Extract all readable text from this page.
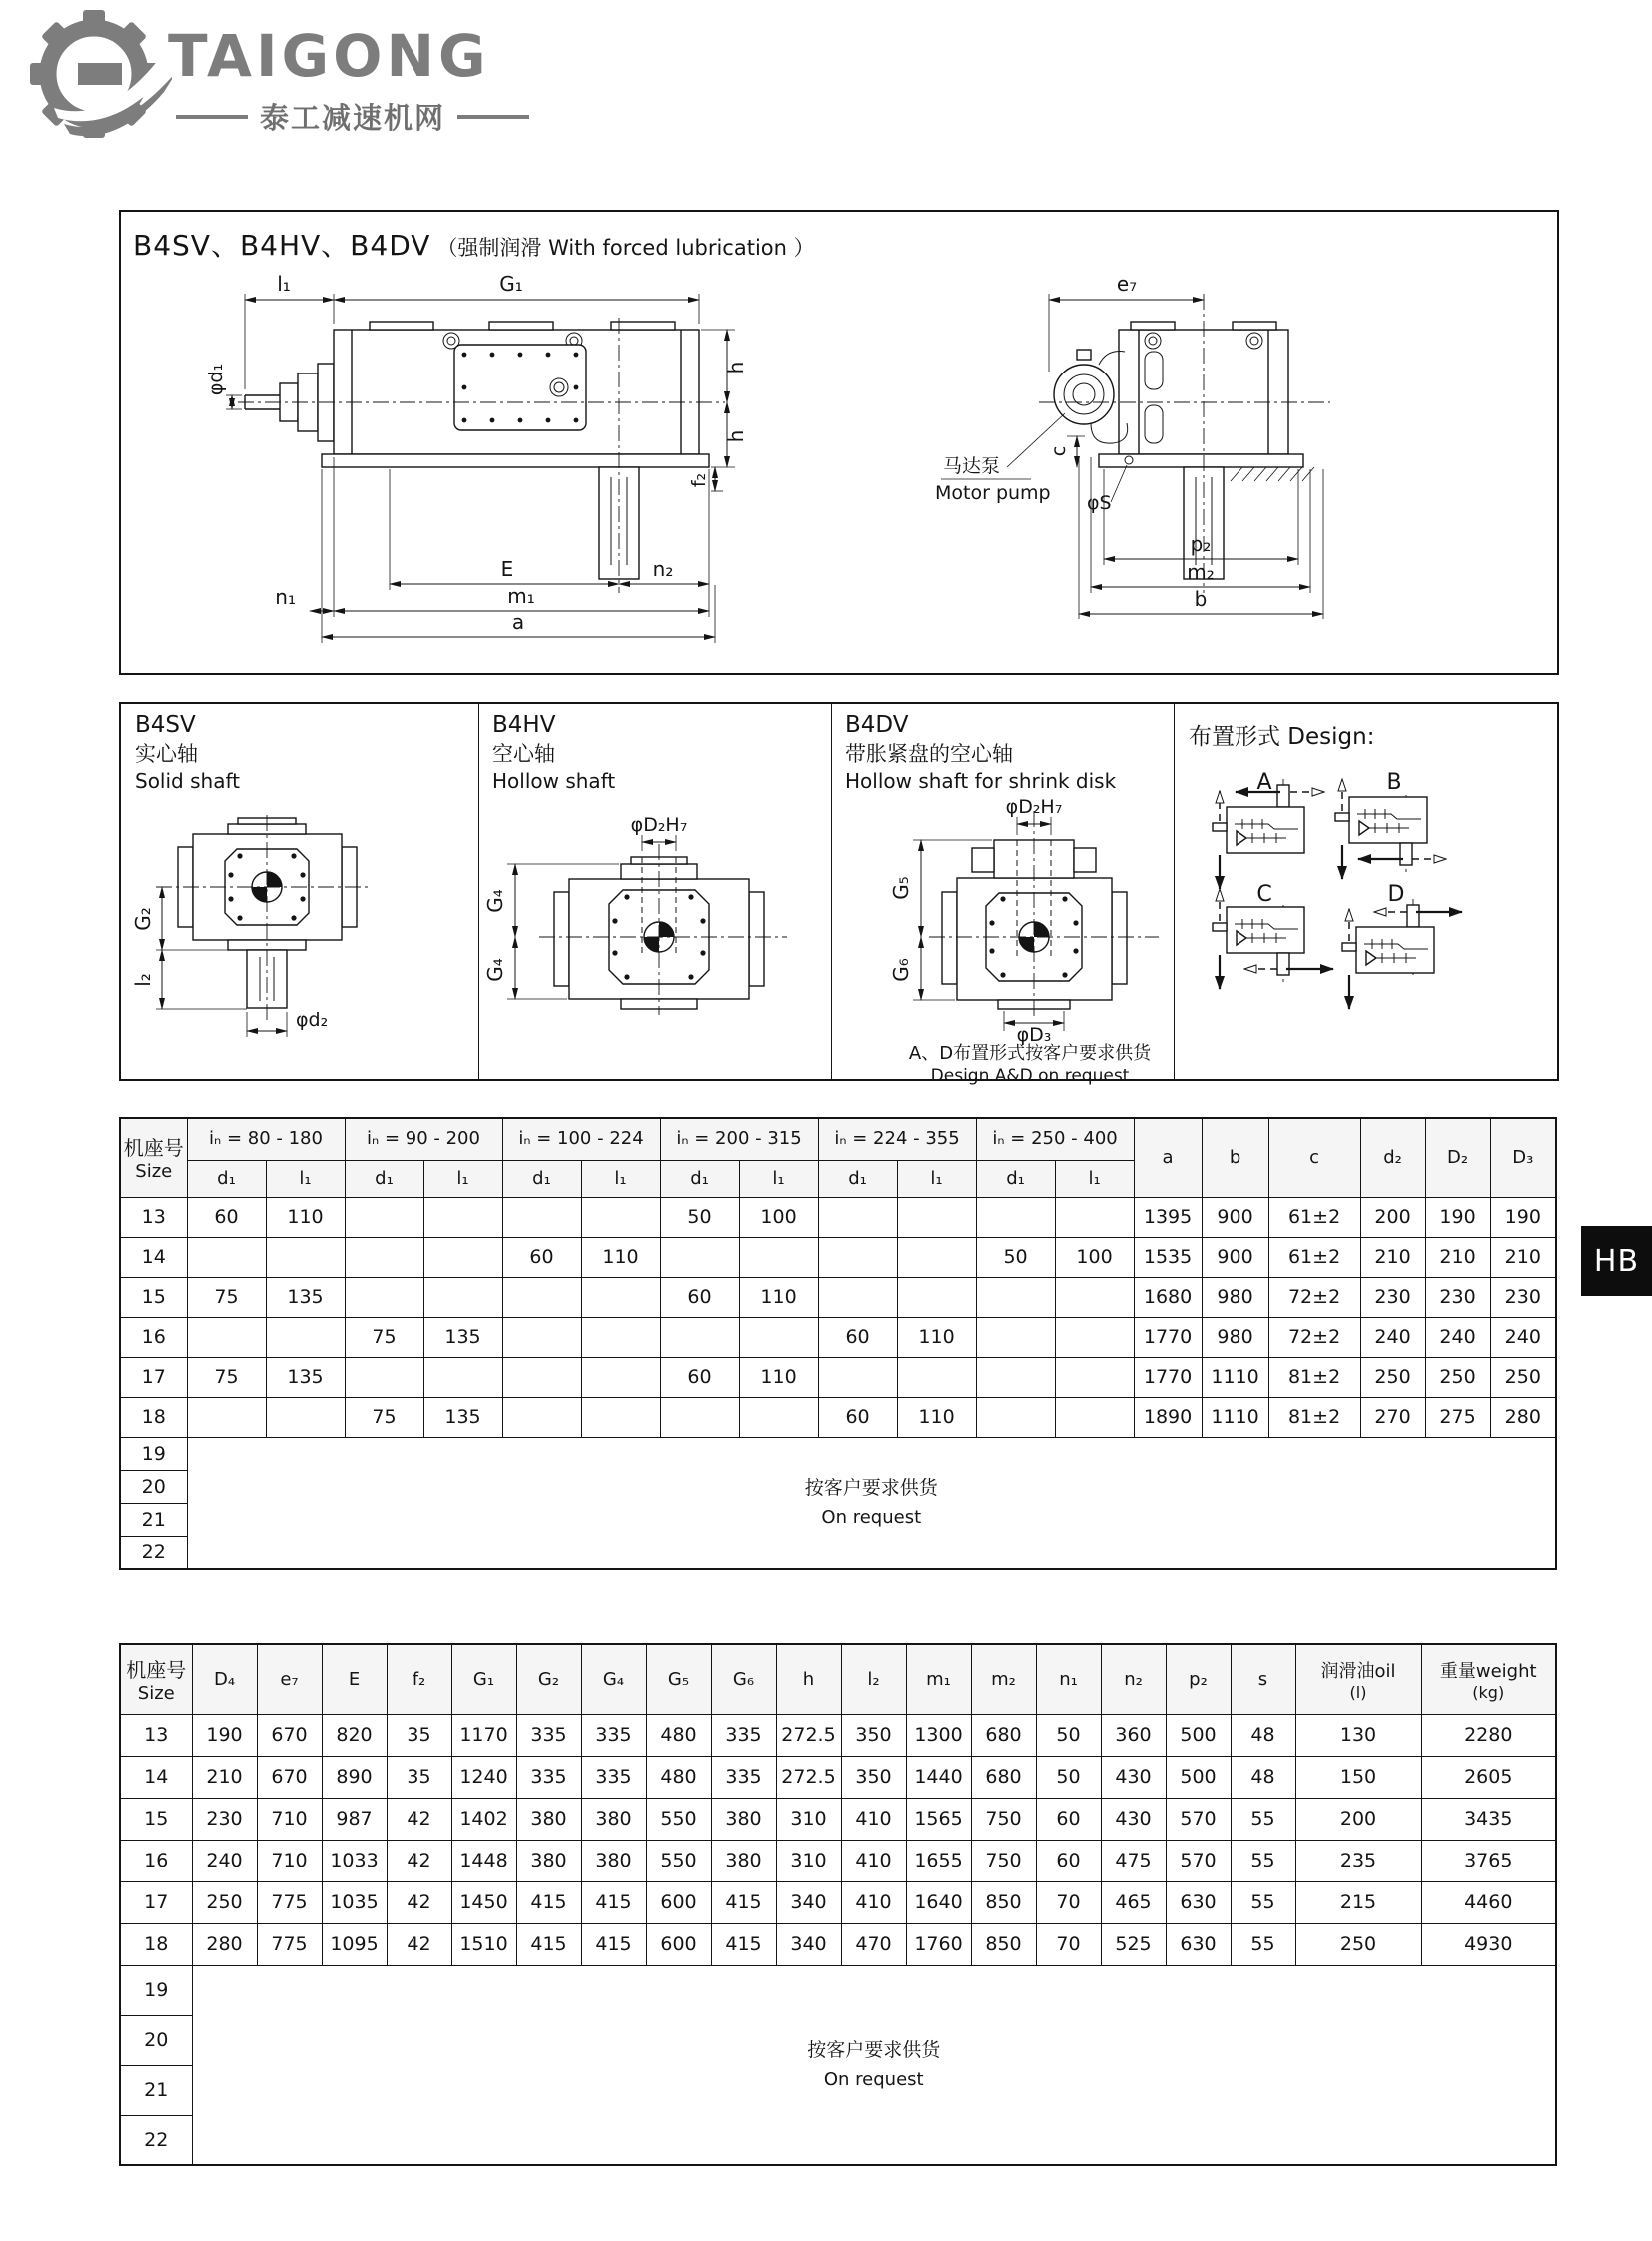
TAIGONG
泰工减速机网
B4SV、B4HV、B4DV （强制润滑 With forced lubrication ）
B4SV
实心轴
Solid shaft
B4HV
空心轴
Hollow shaft
B4DV
带胀紧盘的空心轴
Hollow shaft for shrink disk
布置形式 Design:
A、D布置形式按客户要求供货
Design A&D on request
HB
机座号
Size	iₙ = 80 - 180		iₙ = 90 - 200		iₙ = 100 - 224		iₙ = 200 - 315		iₙ = 224 - 355		iₙ = 250 - 400		a	b	c	d₂	D₂	D₃
	d₁	l₁	d₁	l₁	d₁	l₁	d₁	l₁	d₁	l₁	d₁	l₁						
13	60	110					50	100					1395	900	61±2	200	190	190
14					60	110					50	100	1535	900	61±2	210	210	210
15	75	135					60	110					1680	980	72±2	230	230	230
16			75	135					60	110			1770	980	72±2	240	240	240
17	75	135					60	110					1770	1110	81±2	250	250	250
18			75	135					60	110			1890	1110	81±2	270	275	280
19	按客户要求供货
On request																	

20																		
21																		
22																		
机座号
Size
	D₄	e₇	E	f₂	G₁	G₂	G₄	G₅	G₆	h	l₂	m₁	m₂	n₁	n₂	p₂	s	润滑油oil
(l)

重量weight
(kg)

13	190	670	820	35	1170	335	335	480	335	272.5	350	1300	680	50	360	500	48	130	2280
14	210	670	890	35	1240	335	335	480	335	272.5	350	1440	680	50	430	500	48	150	2605
15	230	710	987	42	1402	380	380	550	380	310	410	1565	750	60	430	570	55	200	3435
16	240	710	1033	42	1448	380	380	550	380	310	410	1655	750	60	475	570	55	235	3765
17	250	775	1035	42	1450	415	415	600	415	340	410	1640	850	70	465	630	55	215	4460
18	280	775	1095	42	1510	415	415	600	415	340	470	1760	850	70	525	630	55	250	4930
19	按客户要求供货
On request																		

20																			
21																			
22																			
l₁	G₁
φd₁	h
h
f₂
E	n₂
n₁	m₁
a
e₇
马达泵
Motor pump
c
φS
p₂
m₂
b
G₂
l₂
φd₂
φD₂H₇
G₄
G₄
φD₂H₇
G₅
G₆
φD₃
A	B
C	D
